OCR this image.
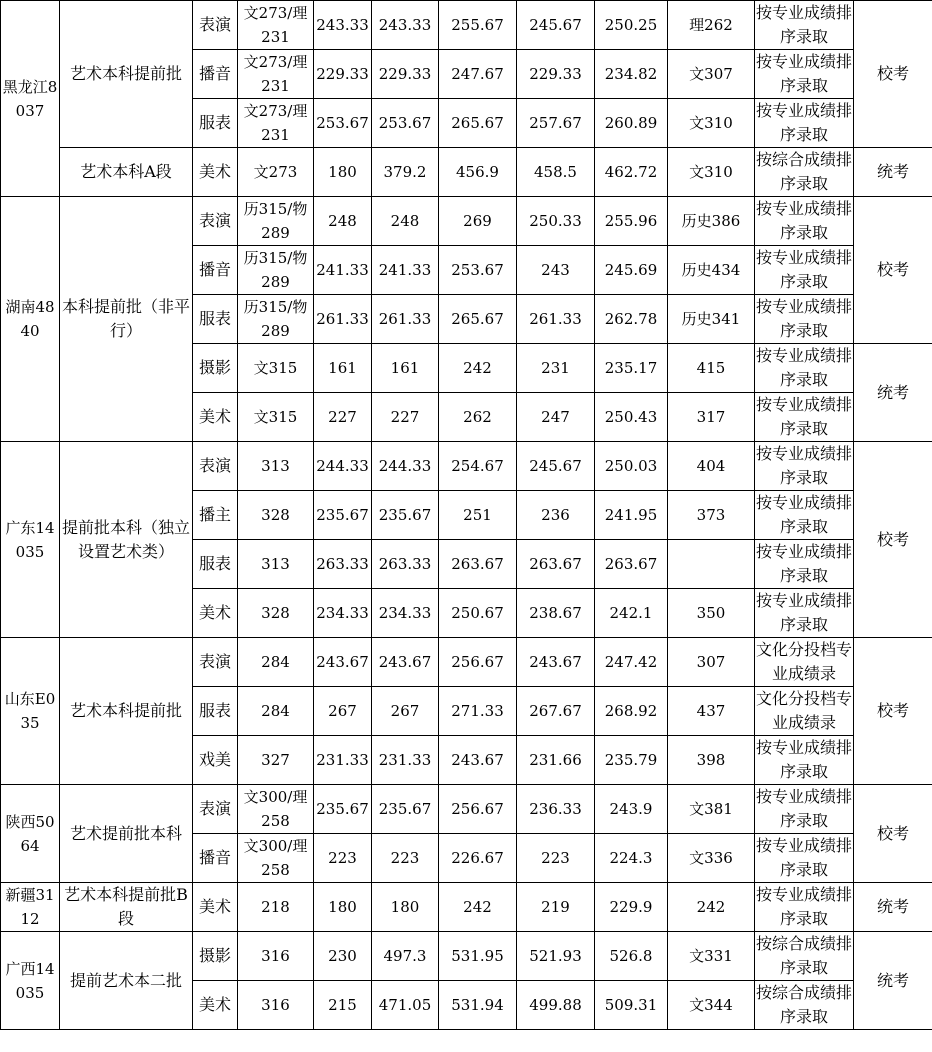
黑龙江8037	艺术本科提前批	表演	文273/理231	243.33	243.33	255.67	245.67	250.25	理262	按专业成绩排序录取	校考
		播音	文273/理231	229.33	229.33	247.67	229.33	234.82	文307	按专业成绩排序录取	
		服表	文273/理231	253.67	253.67	265.67	257.67	260.89	文310	按专业成绩排序录取	
	艺术本科A段	美术	文273	180	379.2	456.9	458.5	462.72	文310	按综合成绩排序录取	统考
湖南4840	本科提前批（非平行）	表演	历315/物289	248	248	269	250.33	255.96	历史386	按专业成绩排序录取	校考
		播音	历315/物289	241.33	241.33	253.67	243	245.69	历史434	按专业成绩排序录取	
		服表	历315/物289	261.33	261.33	265.67	261.33	262.78	历史341	按专业成绩排序录取	
		摄影	文315	161	161	242	231	235.17	415	按专业成绩排序录取	统考
		美术	文315	227	227	262	247	250.43	317	按专业成绩排序录取	
广东14035	提前批本科（独立设置艺术类）	表演	313	244.33	244.33	254.67	245.67	250.03	404	按专业成绩排序录取	校考
		播主	328	235.67	235.67	251	236	241.95	373	按专业成绩排序录取	
		服表	313	263.33	263.33	263.67	263.67	263.67		按专业成绩排序录取	
		美术	328	234.33	234.33	250.67	238.67	242.1	350	按专业成绩排序录取	
山东E035	艺术本科提前批	表演	284	243.67	243.67	256.67	243.67	247.42	307	文化分投档专业成绩录	校考
		服表	284	267	267	271.33	267.67	268.92	437	文化分投档专业成绩录	
		戏美	327	231.33	231.33	243.67	231.66	235.79	398	按专业成绩排序录取	
陕西5064	艺术提前批本科	表演	文300/理258	235.67	235.67	256.67	236.33	243.9	文381	按专业成绩排序录取	校考
		播音	文300/理258	223	223	226.67	223	224.3	文336	按专业成绩排序录取	
新疆3112	艺术本科提前批B段	美术	218	180	180	242	219	229.9	242	按专业成绩排序录取	统考
广西14035	提前艺术本二批	摄影	316	230	497.3	531.95	521.93	526.8	文331	按综合成绩排序录取	统考
		美术	316	215	471.05	531.94	499.88	509.31	文344	按综合成绩排序录取	
